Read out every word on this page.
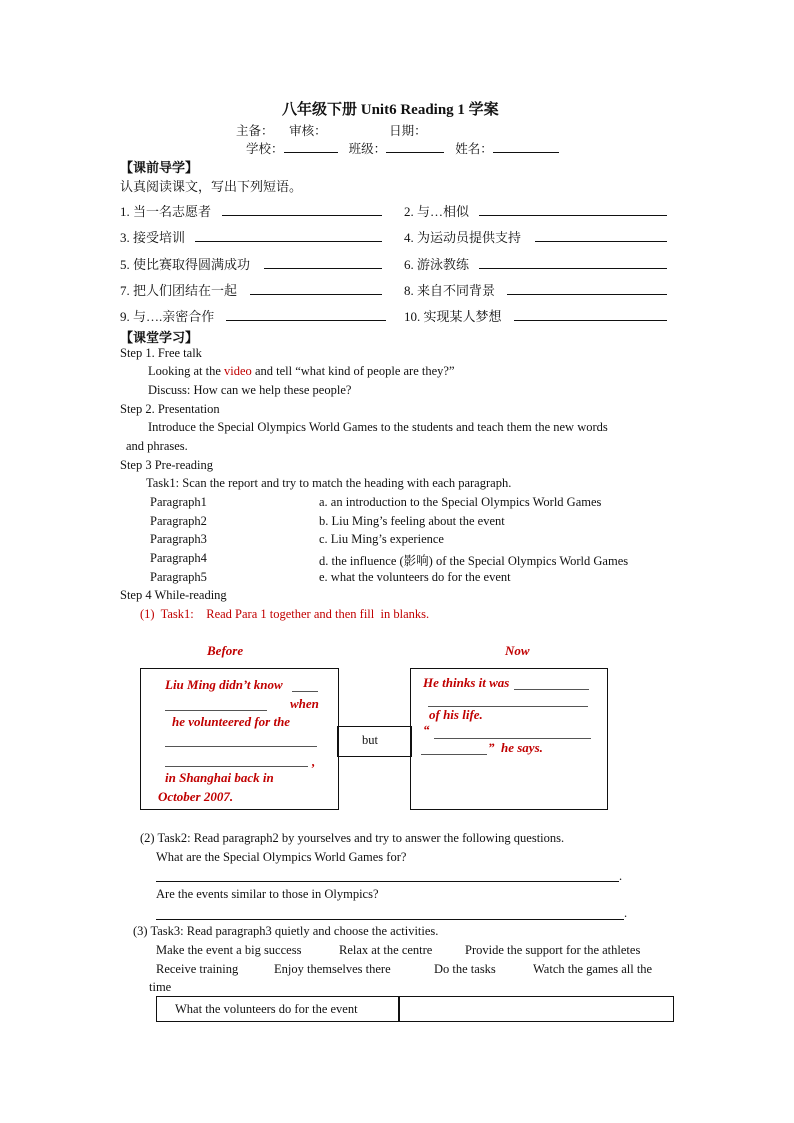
八年级下册 Unit6 Reading 1 学案
主备：     审核：                    日期：
学校：	班级：	姓名：
【课前导学】
认真阅读课文，写出下列短语。
1. 当一名志愿者	2. 与…相似
3. 接受培训	4. 为运动员提供支持
5. 使比赛取得圆满成功	6. 游泳教练
7. 把人们团结在一起	8. 来自不同背景
9. 与….亲密合作	10. 实现某人梦想
【课堂学习】
Step 1. Free talk
Looking at the video and tell “what kind of people are they?”
Discuss: How can we help these people?
Step 2. Presentation
Introduce the Special Olympics World Games to the students and teach them the new words
and phrases.
Step 3 Pre-reading
Task1: Scan the report and try to match the heading with each paragraph.
Paragraph1	a. an introduction to the Special Olympics World Games
Paragraph2	b. Liu Ming’s feeling about the event
Paragraph3	c. Liu Ming’s experience
Paragraph4	d. the influence (影响) of the Special Olympics World Games
Paragraph5	e. what the volunteers do for the event
Step 4 While-reading
(1)  Task1:    Read Para 1 together and then fill  in blanks.
Before	Now
Liu Ming didn’t know
when
he volunteered for the
,
in Shanghai back in
October 2007.
but
He thinks it was
of his life.
“
”  he says.
(2) Task2: Read paragraph2 by yourselves and try to answer the following questions.
What are the Special Olympics World Games for?
.
Are the events similar to those in Olympics?
.
(3) Task3: Read paragraph3 quietly and choose the activities.
Make the event a big success	Relax at the centre	Provide the support for the athletes
Receive training	Enjoy themselves there	Do the tasks	Watch the games all the
time
What the volunteers do for the event
